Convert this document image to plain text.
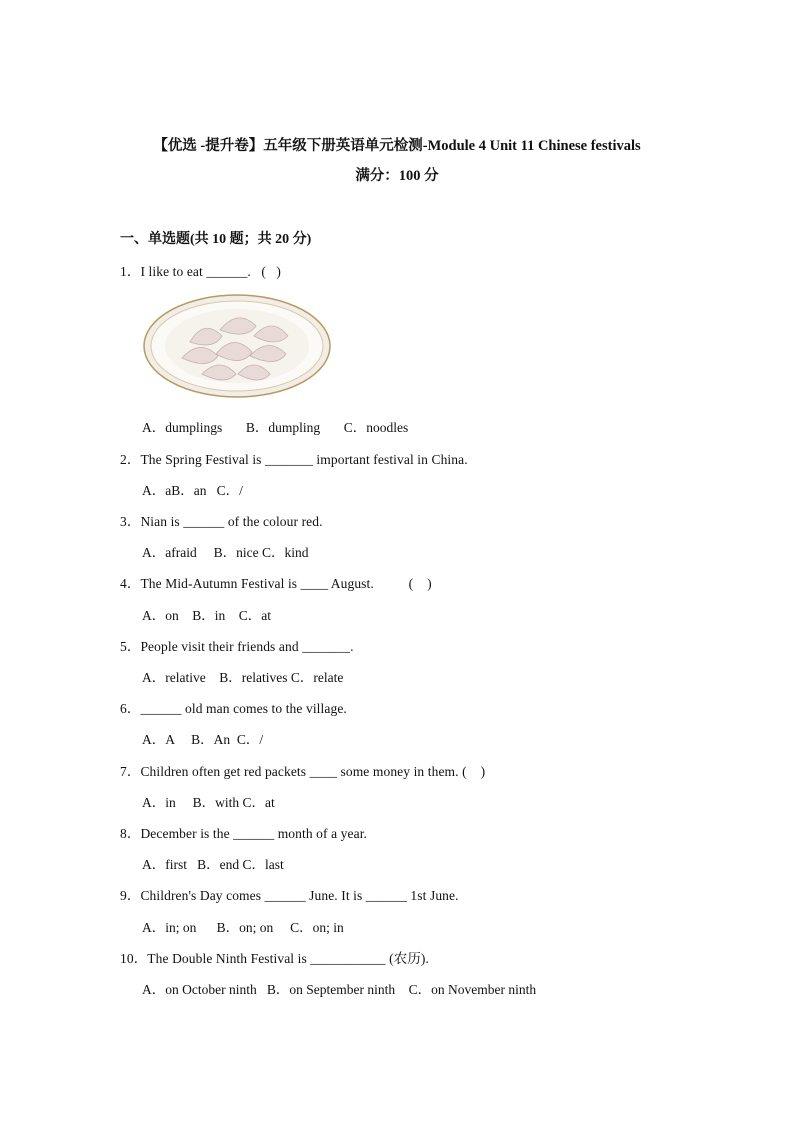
【优选 -提升卷】五年级下册英语单元检测-Module 4 Unit 11 Chinese festivals
满分：100 分
一、单选题(共 10 题；共 20 分)
1．I like to eat ______.   (   )
A．dumplings       B．dumpling       C．noodles
2．The Spring Festival is _______ important festival in China.
A．aB．an   C．/
3．Nian is ______ of the colour red.
A．afraid     B．nice C．kind
4．The Mid-Autumn Festival is ____ August.          (    )
A．on    B．in    C．at
5．People visit their friends and _______.
A．relative    B．relatives C．relate
6．______ old man comes to the village.
A．A     B．An  C．/
7．Children often get red packets ____ some money in them. (    )
A．in     B．with C．at
8．December is the ______ month of a year.
A．first   B．end C．last
9．Children's Day comes ______ June. It is ______ 1st June.
A．in; on      B．on; on     C．on; in
10．The Double Ninth Festival is ___________ (农历).
A．on October ninth   B．on September ninth    C．on November ninth
